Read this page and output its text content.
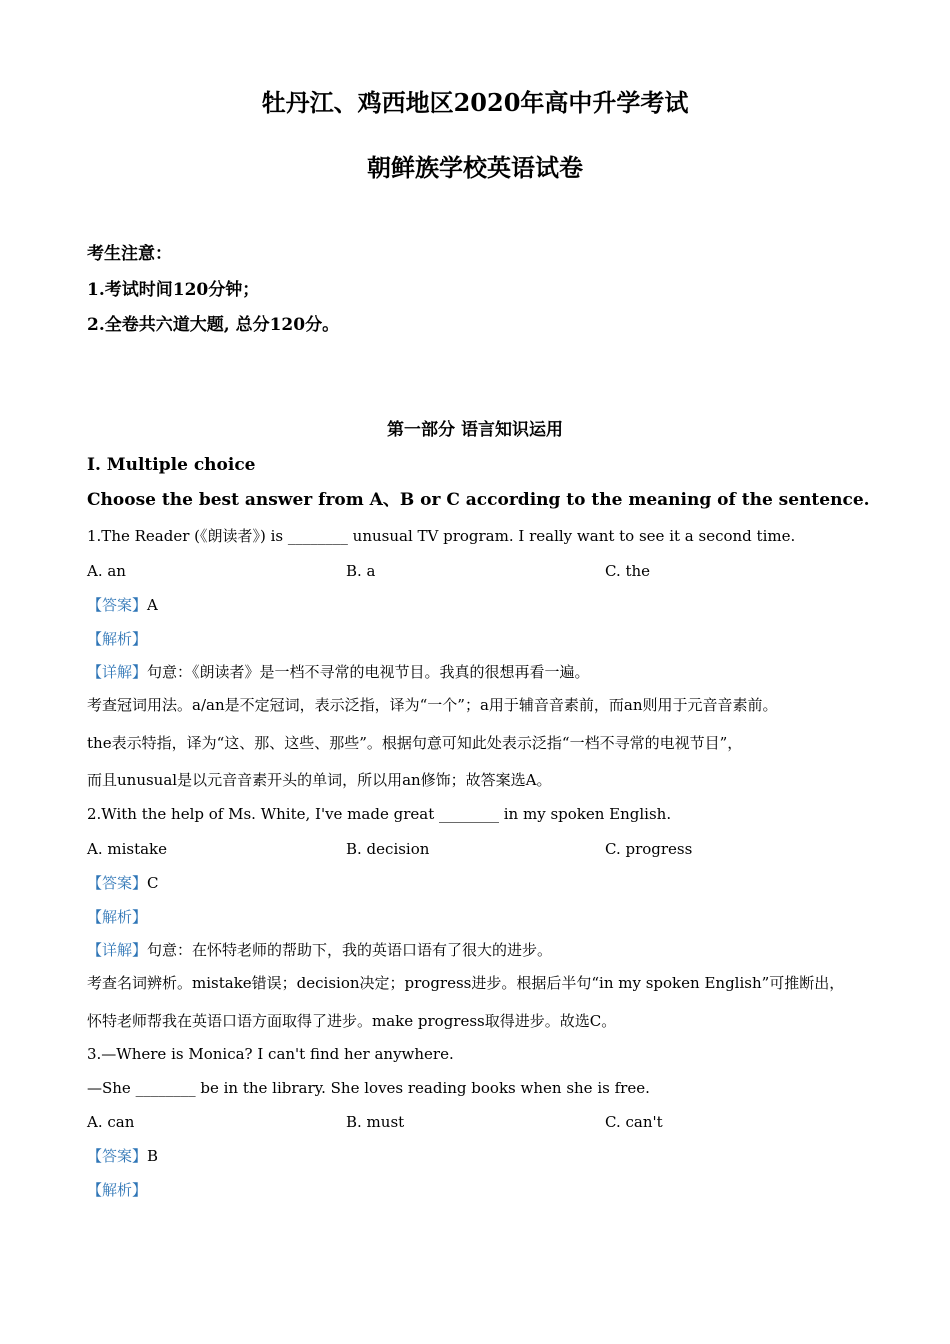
牡丹江、鸡西地区2020年高中升学考试
朝鲜族学校英语试卷
考生注意：
1.考试时间120分钟；
2.全卷共六道大题, 总分120分。
第一部分 语言知识运用
I. Multiple choice
Choose the best answer from A、B or C according to the meaning of the sentence.
1.The Reader (《朗读者》) is ________ unusual TV program. I really want to see it a second time.
A. an	B. a	C. the
【答案】A
【解析】
【详解】句意：《朗读者》是一档不寻常的电视节目。我真的很想再看一遍。
考查冠词用法。a/an是不定冠词，表示泛指，译为“一个”；a用于辅音音素前，而an则用于元音音素前。
the表示特指，译为“这、那、这些、那些”。根据句意可知此处表示泛指“一档不寻常的电视节目”，
而且unusual是以元音音素开头的单词，所以用an修饰；故答案选A。
2.With the help of Ms. White, I've made great ________ in my spoken English.
A. mistake	B. decision	C. progress
【答案】C
【解析】
【详解】句意：在怀特老师的帮助下，我的英语口语有了很大的进步。
考查名词辨析。mistake错误；decision决定；progress进步。根据后半句“in my spoken English”可推断出，
怀特老师帮我在英语口语方面取得了进步。make progress取得进步。故选C。
3.—Where is Monica? I can't find her anywhere.
—She ________ be in the library. She loves reading books when she is free.
A. can	B. must	C. can't
【答案】B
【解析】
